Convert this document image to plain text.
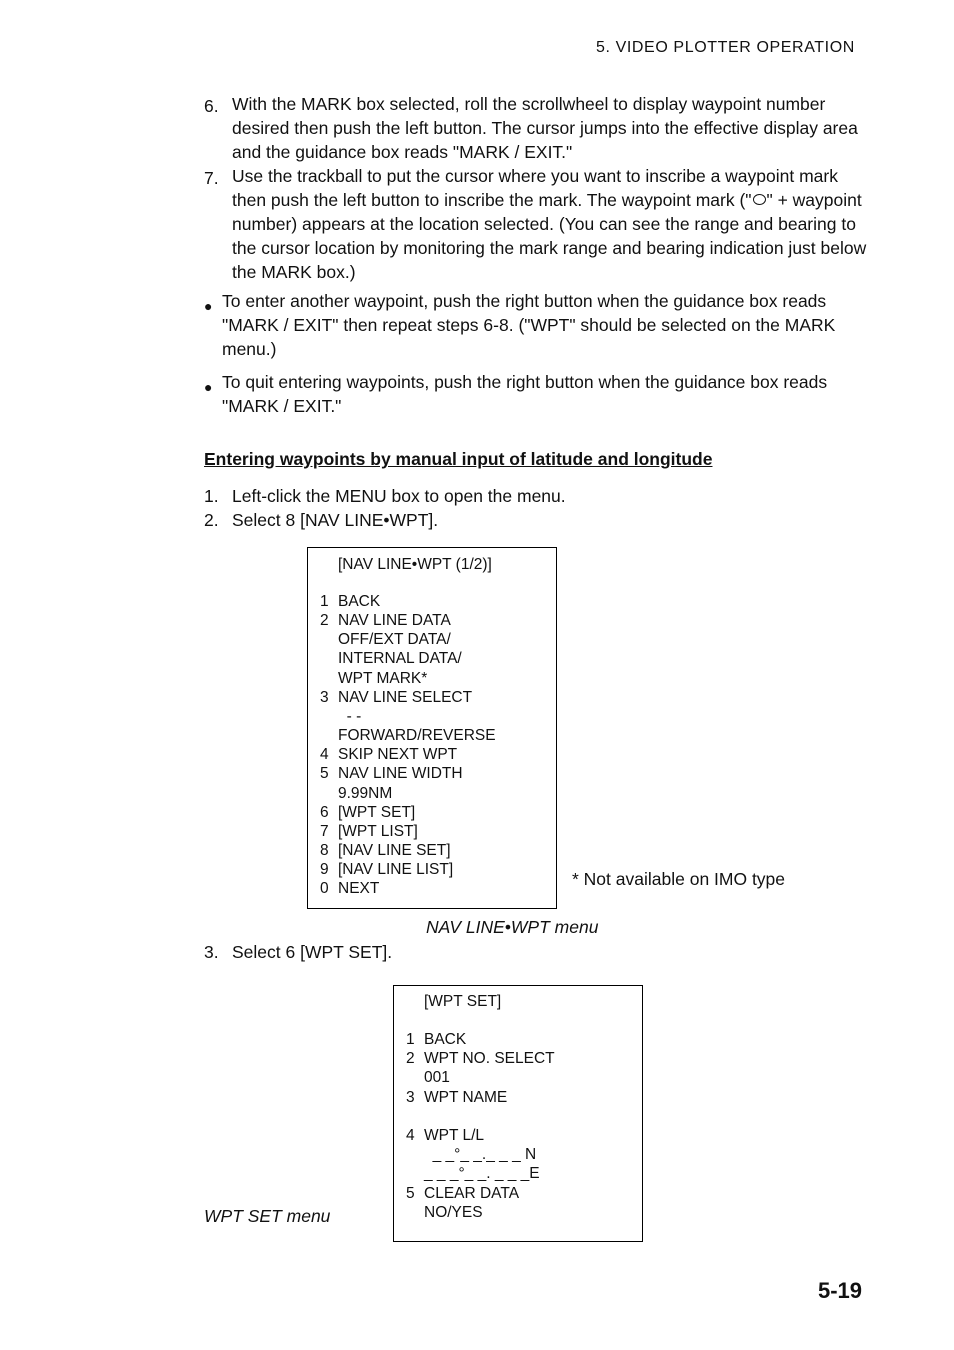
5. VIDEO PLOTTER OPERATION
6. With the MARK box selected, roll the scrollwheel to display waypoint number desired then push the left button. The cursor jumps into the effective display area and the guidance box reads "MARK / EXIT."
7. Use the trackball to put the cursor where you want to inscribe a waypoint mark then push the left button to inscribe the mark. The waypoint mark (" " + waypoint number) appears at the location selected. (You can see the range and bearing to the cursor location by monitoring the mark range and bearing indication just below the MARK box.)
● To enter another waypoint, push the right button when the guidance box reads "MARK / EXIT" then repeat steps 6-8. ("WPT" should be selected on the MARK menu.)
● To quit entering waypoints, push the right button when the guidance box reads "MARK / EXIT."
Entering waypoints by manual input of latitude and longitude
1. Left-click the MENU box to open the menu.
2. Select 8 [NAV LINE•WPT].
[NAV LINE•WPT (1/2)]
1 BACK
2 NAV LINE DATA
OFF/EXT DATA/
INTERNAL DATA/
WPT MARK*
3 NAV LINE SELECT
- -
FORWARD/REVERSE
4 SKIP NEXT WPT
5 NAV LINE WIDTH
9.99NM
6 [WPT SET]
7 [WPT LIST]
8 [NAV LINE SET]
9 [NAV LINE LIST]
0 NEXT	* Not available on IMO type
NAV LINE•WPT menu
3. Select 6 [WPT SET].
[WPT SET]
1 BACK
2 WPT NO. SELECT
001
3 WPT NAME
4 WPT L/L
_ _°_ _._ _ _ N
_ _ _°_ _. _ _ _E
5 CLEAR DATA
NO/YES
WPT SET menu
5-19
